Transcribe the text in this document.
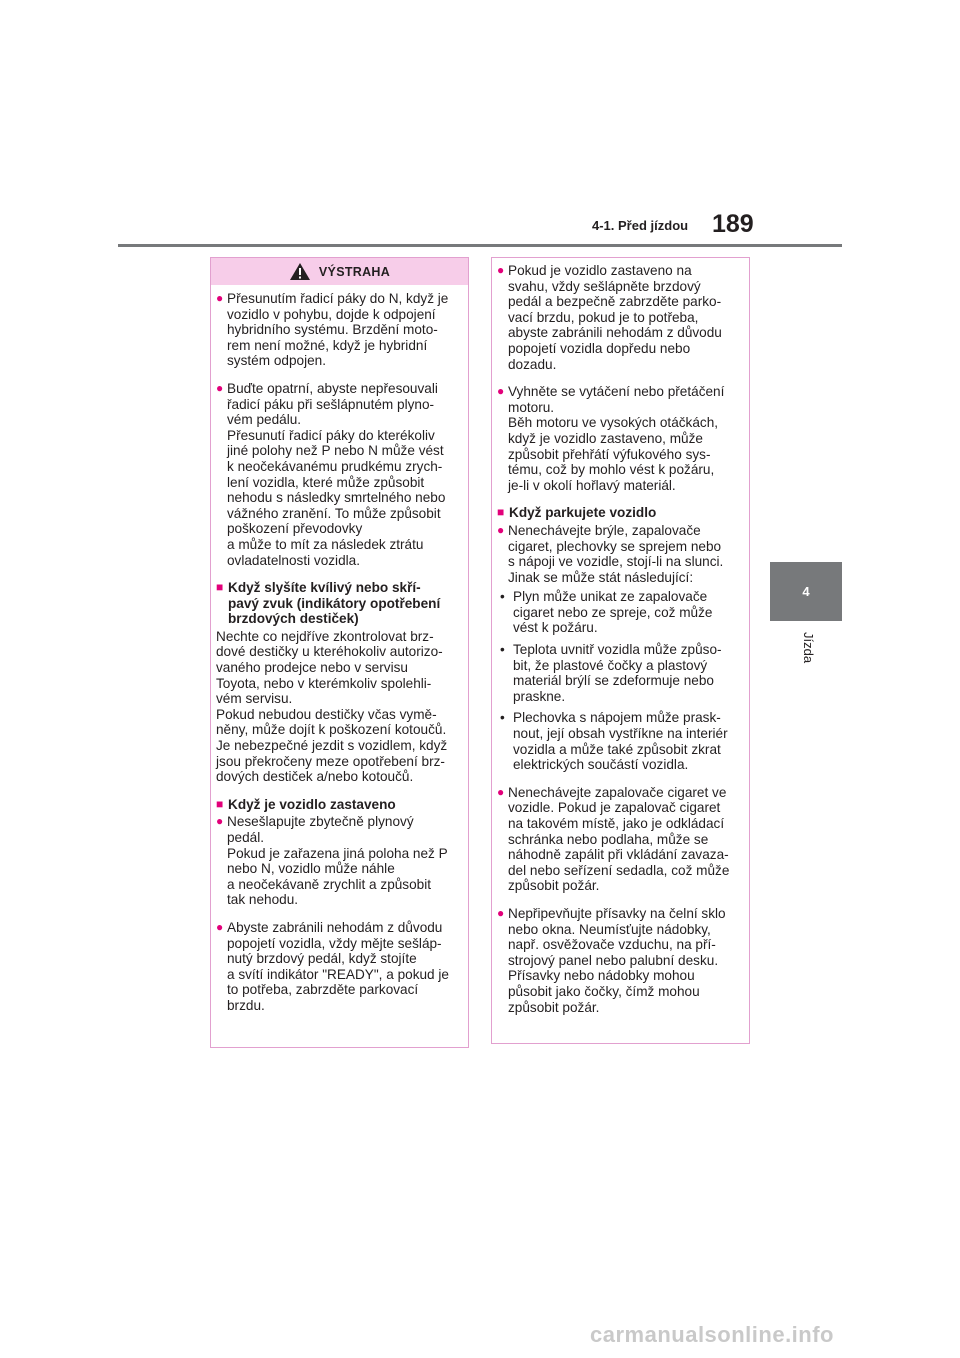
4-1. Před jízdou 189
4
Jízda
VÝSTRAHA
● Přesunutím řadicí páky do N, když je
vozidlo v pohybu, dojde k odpojení
hybridního systému. Brzdění moto-
rem není možné, když je hybridní
systém odpojen.
● Buďte opatrní, abyste nepřesouvali
řadicí páku při sešlápnutém plyno-
vém pedálu.
Přesunutí řadicí páky do kterékoliv
jiné polohy než P nebo N může vést
k neočekávanému prudkému zrych-
lení vozidla, které může způsobit
nehodu s následky smrtelného nebo
vážného zranění. To může způsobit
poškození převodovky
a může to mít za následek ztrátu
ovladatelnosti vozidla.
■ Když slyšíte kvílivý nebo skří-
pavý zvuk (indikátory opotřebení
brzdových destiček)
Nechte co nejdříve zkontrolovat brz-
dové destičky u kteréhokoliv autorizo-
vaného prodejce nebo v servisu
Toyota, nebo v kterémkoliv spolehli-
vém servisu.
Pokud nebudou destičky včas vymě-
něny, může dojít k poškození kotoučů.
Je nebezpečné jezdit s vozidlem, když
jsou překročeny meze opotřebení brz-
dových destiček a/nebo kotoučů.
■ Když je vozidlo zastaveno
● Nesešlapujte zbytečně plynový
pedál.
Pokud je zařazena jiná poloha než P
nebo N, vozidlo může náhle
a neočekávaně zrychlit a způsobit
tak nehodu.
● Abyste zabránili nehodám z důvodu
popojetí vozidla, vždy mějte sešláp-
nutý brzdový pedál, když stojíte
a svítí indikátor "READY", a pokud je
to potřeba, zabrzděte parkovací
brzdu.
● Pokud je vozidlo zastaveno na
svahu, vždy sešlápněte brzdový
pedál a bezpečně zabrzděte parko-
vací brzdu, pokud je to potřeba,
abyste zabránili nehodám z důvodu
popojetí vozidla dopředu nebo
dozadu.
● Vyhněte se vytáčení nebo přetáčení
motoru.
Běh motoru ve vysokých otáčkách,
když je vozidlo zastaveno, může
způsobit přehřátí výfukového sys-
tému, což by mohlo vést k požáru,
je-li v okolí hořlavý materiál.
■ Když parkujete vozidlo
● Nenechávejte brýle, zapalovače
cigaret, plechovky se sprejem nebo
s nápoji ve vozidle, stojí-li na slunci.
Jinak se může stát následující:
• Plyn může unikat ze zapalovače
cigaret nebo ze spreje, což může
vést k požáru.
• Teplota uvnitř vozidla může způso-
bit, že plastové čočky a plastový
materiál brýlí se zdeformuje nebo
praskne.
• Plechovka s nápojem může prask-
nout, její obsah vystříkne na interiér
vozidla a může také způsobit zkrat
elektrických součástí vozidla.
● Nenechávejte zapalovače cigaret ve
vozidle. Pokud je zapalovač cigaret
na takovém místě, jako je odkládací
schránka nebo podlaha, může se
náhodně zapálit při vkládání zavaza-
del nebo seřízení sedadla, což může
způsobit požár.
● Nepřipevňujte přísavky na čelní sklo
nebo okna. Neumísťujte nádobky,
např. osvěžovače vzduchu, na pří-
strojový panel nebo palubní desku.
Přísavky nebo nádobky mohou
působit jako čočky, čímž mohou
způsobit požár.
carmanualsonline.info
